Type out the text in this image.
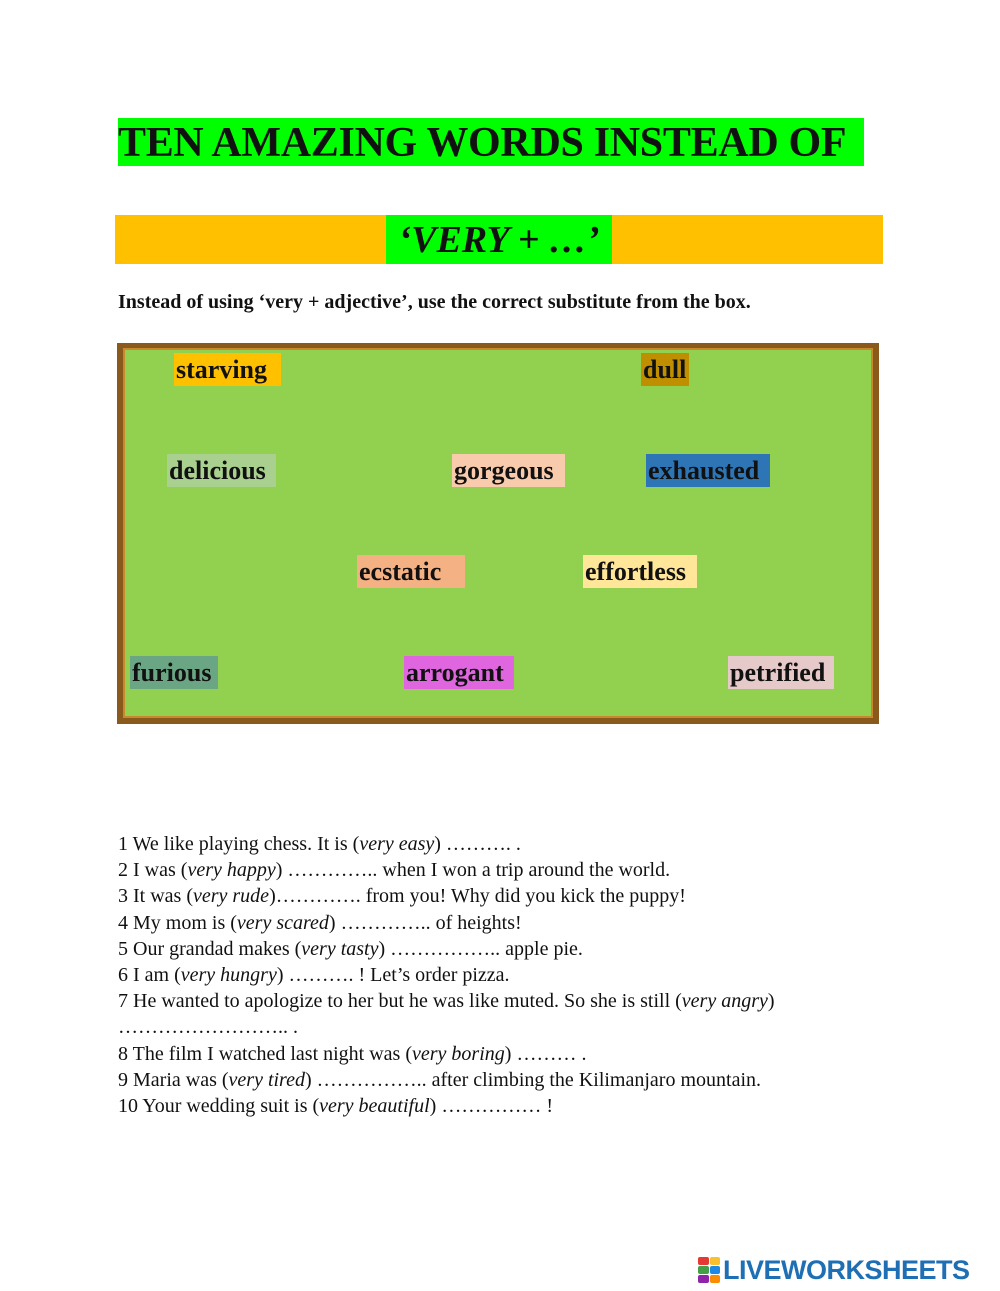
TEN AMAZING WORDS INSTEAD OF
‘VERY + …’
Instead of using ‘very + adjective’, use the correct substitute from the box.
starving	dull
delicious	gorgeous	exhausted
ecstatic	effortless
furious	arrogant	petrified
1 We like playing chess. It is (very easy) ………. .
2 I was (very happy) ………….. when I won a trip around the world.
3 It was (very rude)…………. from you! Why did you kick the puppy!
4 My mom is (very scared) ………….. of heights!
5 Our grandad makes (very tasty) …………….. apple pie.
6 I am (very hungry) ………. ! Let’s order pizza.
7 He wanted to apologize to her but he was like muted. So she is still (very angry)
…………………….. .
8 The film I watched last night was (very boring) ……… .
9 Maria was (very tired) …………….. after climbing the Kilimanjaro mountain.
10 Your wedding suit is (very beautiful) …………… !
LIVEWORKSHEETS
